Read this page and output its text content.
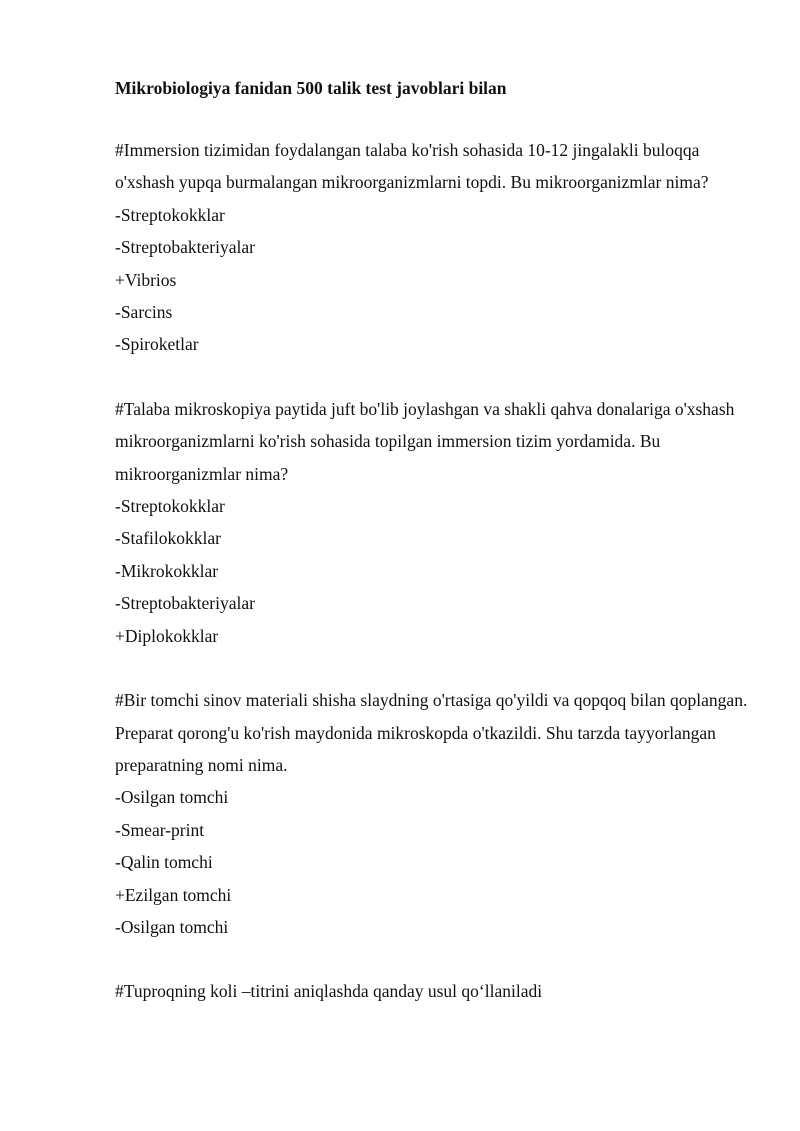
Mikrobiologiya fanidan 500 talik test javoblari bilan

#Immersion tizimidan foydalangan talaba ko'rish sohasida 10-12 jingalakli buloqqa o'xshash yupqa burmalangan mikroorganizmlarni topdi. Bu mikroorganizmlar nima?

-Streptokokklar
-Streptobakteriyalar
+Vibrios
-Sarcins
-Spiroketlar

#Talaba mikroskopiya paytida juft bo'lib joylashgan va shakli qahva donalariga o'xshash mikroorganizmlarni ko'rish sohasida topilgan immersion tizim yordamida. Bu mikroorganizmlar nima?

-Streptokokklar
-Stafilokokklar
-Mikrokokklar
-Streptobakteriyalar
+Diplokokklar

#Bir tomchi sinov materiali shisha slaydning o'rtasiga qo'yildi va qopqoq bilan qoplangan. Preparat qorong'u ko'rish maydonida mikroskopda o'tkazildi. Shu tarzda tayyorlangan preparatning nomi nima.

-Osilgan tomchi
-Smear-print
-Qalin tomchi
+Ezilgan tomchi
-Osilgan tomchi

#Tuproqning koli –titrini aniqlashda qanday usul qo‘llaniladi
